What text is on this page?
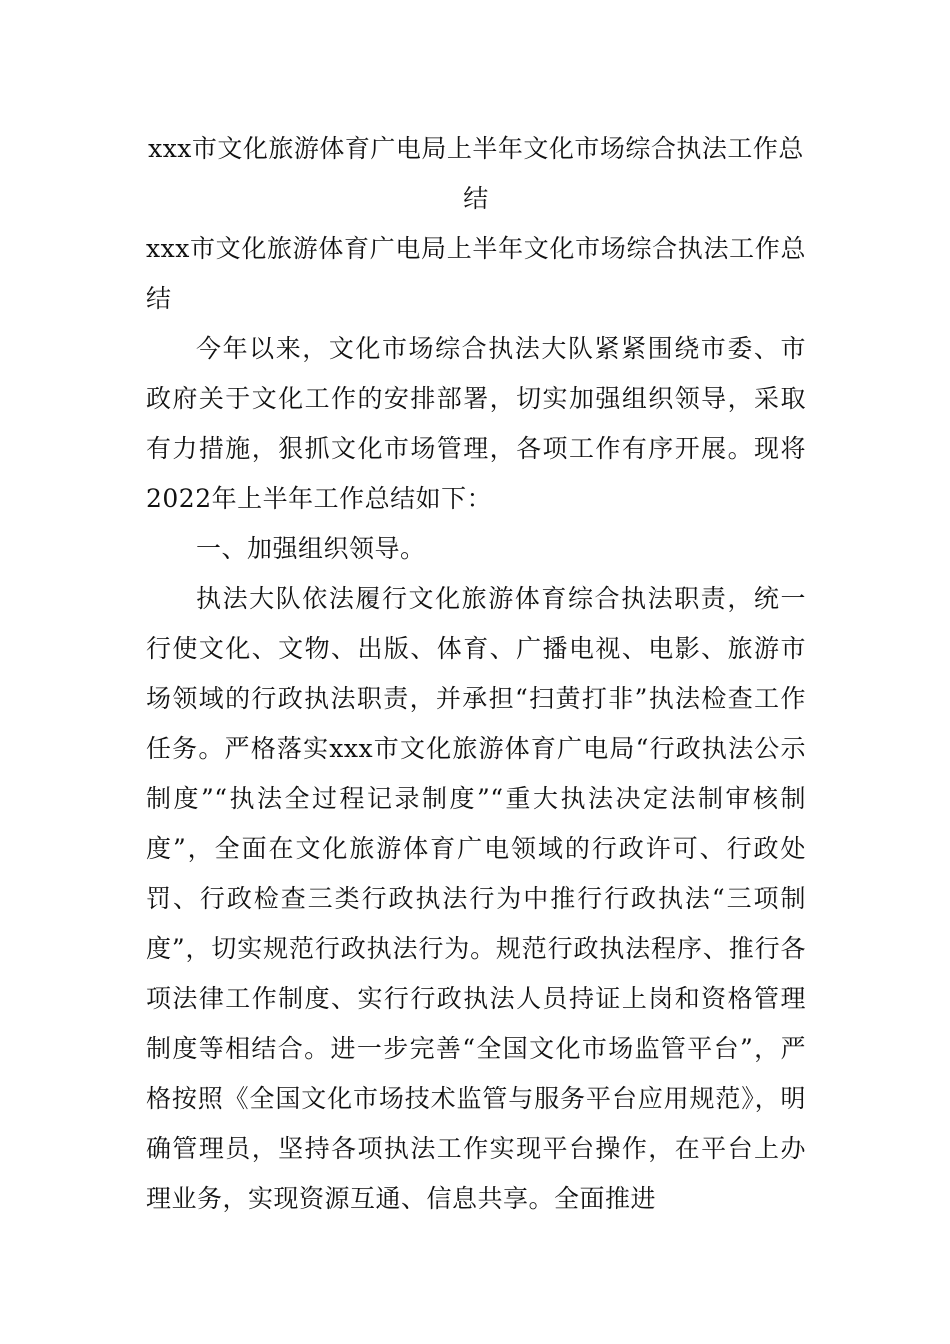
xxx市文化旅游体育广电局上半年文化市场综合执法工作总结
xxx市文化旅游体育广电局上半年文化市场综合执法工作总结

今年以来，文化市场综合执法大队紧紧围绕市委、市政府关于文化工作的安排部署，切实加强组织领导，采取有力措施，狠抓文化市场管理，各项工作有序开展。现将2022年上半年工作总结如下：

一、加强组织领导。

执法大队依法履行文化旅游体育综合执法职责，统一行使文化、文物、出版、体育、广播电视、电影、旅游市场领域的行政执法职责，并承担“扫黄打非”执法检查工作任务。严格落实xxx市文化旅游体育广电局“行政执法公示制度”“执法全过程记录制度”“重大执法决定法制审核制度”，全面在文化旅游体育广电领域的行政许可、行政处罚、行政检查三类行政执法行为中推行行政执法“三项制度”，切实规范行政执法行为。规范行政执法程序、推行各项法律工作制度、实行行政执法人员持证上岗和资格管理制度等相结合。进一步完善“全国文化市场监管平台”，严格按照《全国文化市场技术监管与服务平台应用规范》，明确管理员，坚持各项执法工作实现平台操作，在平台上办理业务，实现资源互通、信息共享。全面推进
